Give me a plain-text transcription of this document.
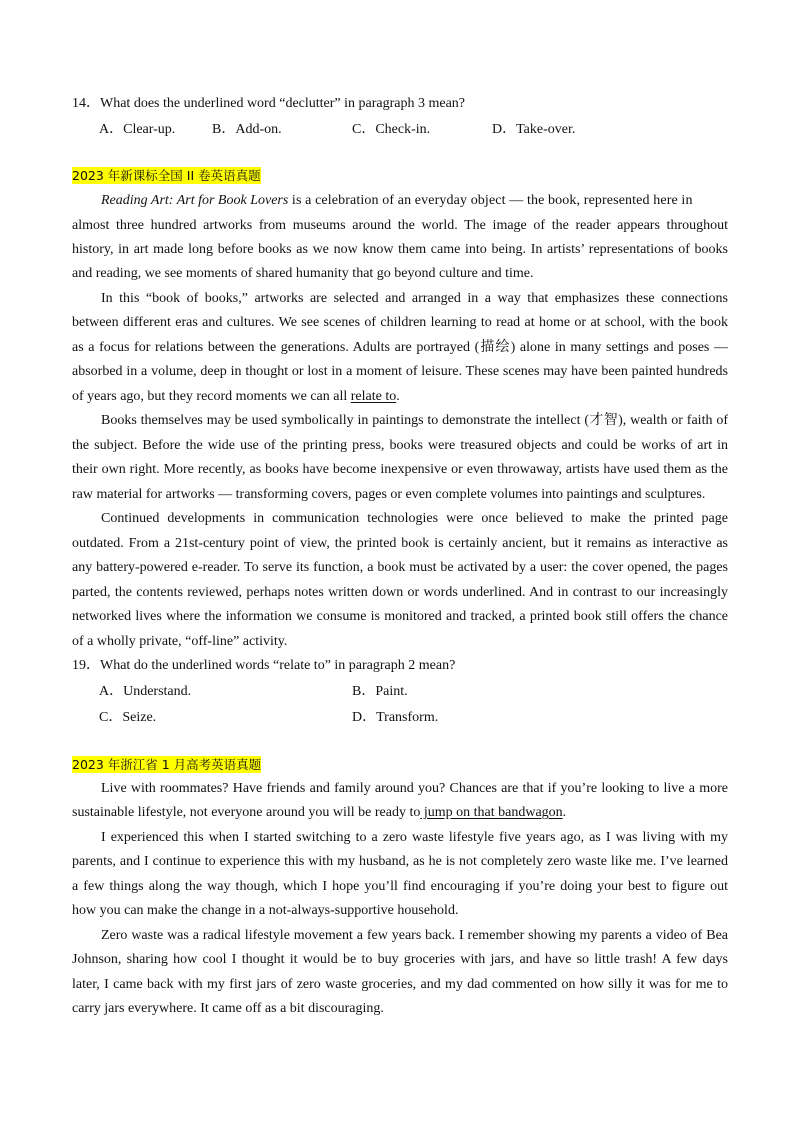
14．What does the underlined word “declutter” in paragraph 3 mean?
A．Clear-up.	B．Add-on.	C．Check-in.	D．Take-over.
2023 年新课标全国 II 卷英语真题
Reading Art: Art for Book Lovers is a celebration of an everyday object — the book, represented here in
almost three hundred artworks from museums around the world. The image of the reader appears throughout
history, in art made long before books as we now know them came into being. In artists’ representations of books
and reading, we see moments of shared humanity that go beyond culture and time.
In this “book of books,” artworks are selected and arranged in a way that emphasizes these connections
between different eras and cultures. We see scenes of children learning to read at home or at school, with the book
as a focus for relations between the generations. Adults are portrayed (描绘) alone in many settings and poses —
absorbed in a volume, deep in thought or lost in a moment of leisure. These scenes may have been painted hundreds
of years ago, but they record moments we can all relate to.
Books themselves may be used symbolically in paintings to demonstrate the intellect (才智), wealth or faith of
the subject. Before the wide use of the printing press, books were treasured objects and could be works of art in
their own right. More recently, as books have become inexpensive or even throwaway, artists have used them as the
raw material for artworks — transforming covers, pages or even complete volumes into paintings and sculptures.
Continued developments in communication technologies were once believed to make the printed page
outdated. From a 21st-century point of view, the printed book is certainly ancient, but it remains as interactive as
any battery-powered e-reader. To serve its function, a book must be activated by a user: the cover opened, the pages
parted, the contents reviewed, perhaps notes written down or words underlined. And in contrast to our increasingly
networked lives where the information we consume is monitored and tracked, a printed book still offers the chance
of a wholly private, “off-line” activity.
19．What do the underlined words “relate to” in paragraph 2 mean?
A．Understand.	B．Paint.
C．Seize.	D．Transform.
2023 年浙江省 1 月高考英语真题
Live with roommates? Have friends and family around you? Chances are that if you’re looking to live a more
sustainable lifestyle, not everyone around you will be ready to jump on that bandwagon.
I experienced this when I started switching to a zero waste lifestyle five years ago, as I was living with my
parents, and I continue to experience this with my husband, as he is not completely zero waste like me. I’ve learned
a few things along the way though, which I hope you’ll find encouraging if you’re doing your best to figure out
how you can make the change in a not-always-supportive household.
Zero waste was a radical lifestyle movement a few years back. I remember showing my parents a video of Bea
Johnson, sharing how cool I thought it would be to buy groceries with jars, and have so little trash! A few days
later, I came back with my first jars of zero waste groceries, and my dad commented on how silly it was for me to
carry jars everywhere. It came off as a bit discouraging.
